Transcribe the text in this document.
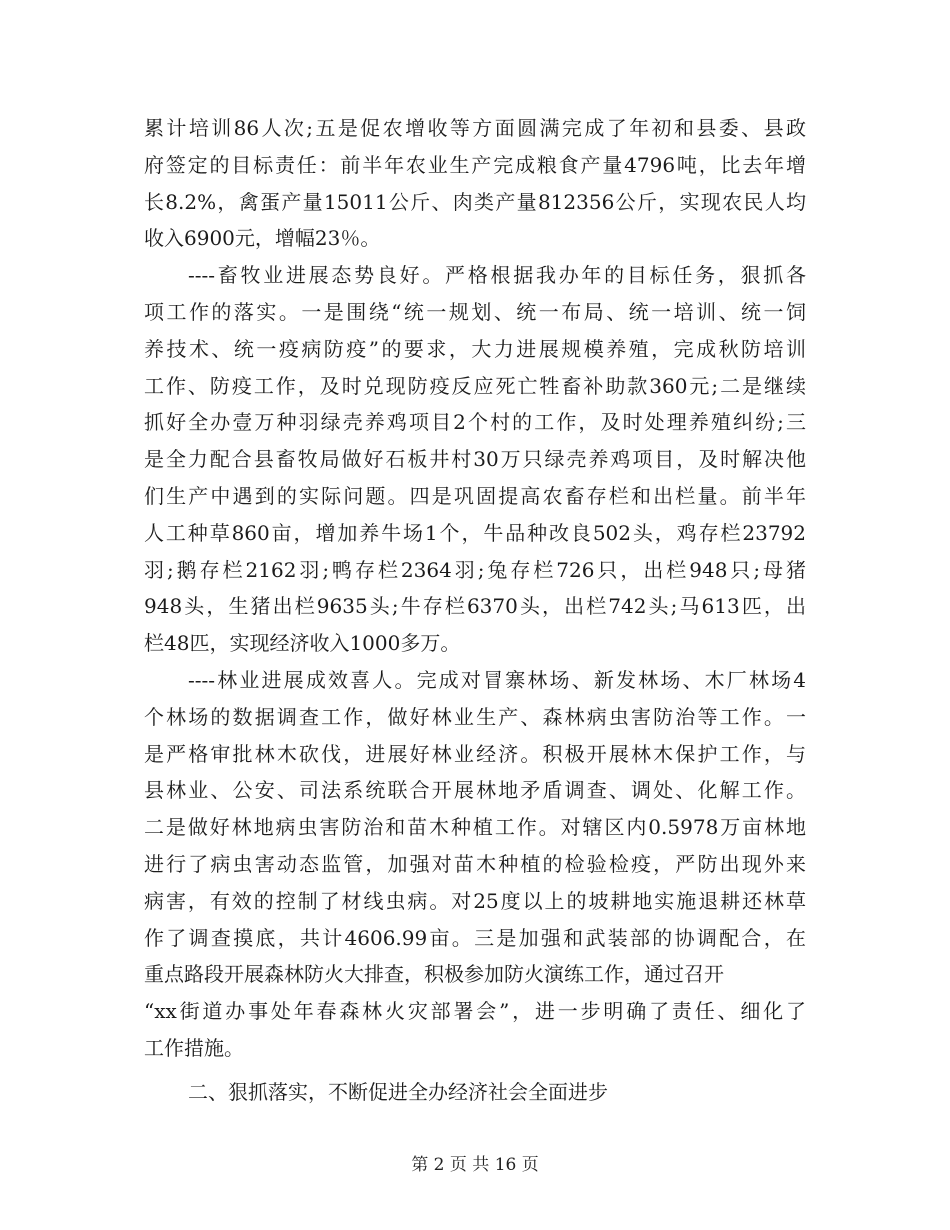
累计培训86人次;五是促农增收等方面圆满完成了年初和县委、县政
府签定的目标责任：前半年农业生产完成粮食产量4796吨，比去年增
长8.2%，禽蛋产量15011公斤、肉类产量812356公斤，实现农民人均
收入6900元，增幅23％。
----畜牧业进展态势良好。严格根据我办年的目标任务，狠抓各
项工作的落实。一是围绕“统一规划、统一布局、统一培训、统一饲
养技术、统一疫病防疫”的要求，大力进展规模养殖，完成秋防培训
工作、防疫工作，及时兑现防疫反应死亡牲畜补助款360元;二是继续
抓好全办壹万种羽绿壳养鸡项目2个村的工作，及时处理养殖纠纷;三
是全力配合县畜牧局做好石板井村30万只绿壳养鸡项目，及时解决他
们生产中遇到的实际问题。四是巩固提高农畜存栏和出栏量。前半年
人工种草860亩，增加养牛场1个，牛品种改良502头，鸡存栏23792
羽;鹅存栏2162羽;鸭存栏2364羽;兔存栏726只，出栏948只;母猪
948头，生猪出栏9635头;牛存栏6370头，出栏742头;马613匹，出
栏48匹，实现经济收入1000多万。
----林业进展成效喜人。完成对冒寨林场、新发林场、木厂林场4
个林场的数据调查工作，做好林业生产、森林病虫害防治等工作。一
是严格审批林木砍伐，进展好林业经济。积极开展林木保护工作，与
县林业、公安、司法系统联合开展林地矛盾调查、调处、化解工作。
二是做好林地病虫害防治和苗木种植工作。对辖区内0.5978万亩林地
进行了病虫害动态监管，加强对苗木种植的检验检疫，严防出现外来
病害，有效的控制了材线虫病。对25度以上的坡耕地实施退耕还林草
作了调查摸底，共计4606.99亩。三是加强和武装部的协调配合，在
重点路段开展森林防火大排查，积极参加防火演练工作，通过召开
“xx街道办事处年春森林火灾部署会”，进一步明确了责任、细化了
工作措施。
二、狠抓落实，不断促进全办经济社会全面进步
第 2 页 共 16 页
